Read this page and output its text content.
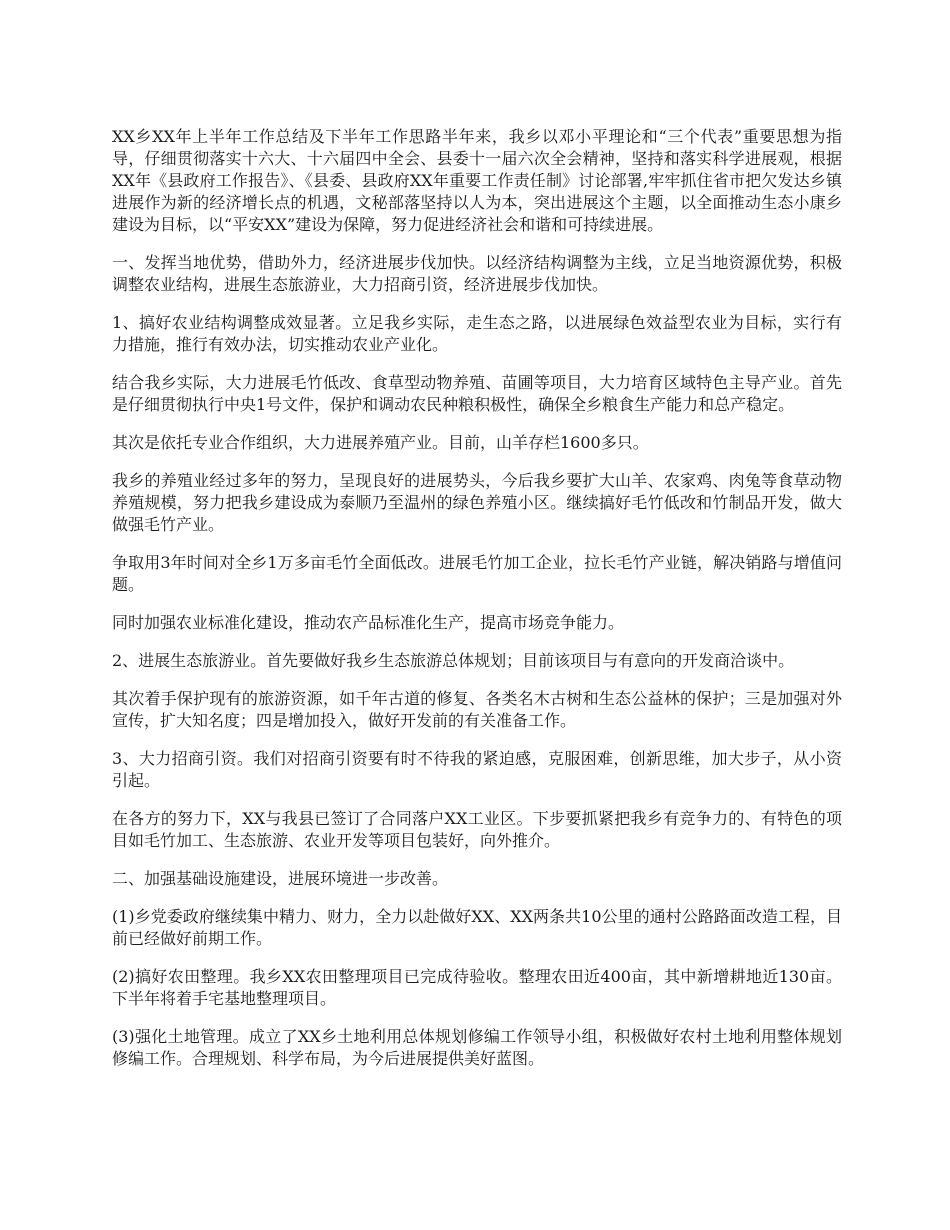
XX乡XX年上半年工作总结及下半年工作思路半年来，我乡以邓小平理论和“三个代表”重要思想为指导，仔细贯彻落实十六大、十六届四中全会、县委十一届六次全会精神，坚持和落实科学进展观，根据XX年《县政府工作报告》、《县委、县政府XX年重要工作责任制》讨论部署,牢牢抓住省市把欠发达乡镇进展作为新的经济增长点的机遇，文秘部落坚持以人为本，突出进展这个主题，以全面推动生态小康乡建设为目标，以“平安XX”建设为保障，努力促进经济社会和谐和可持续进展。

一、发挥当地优势，借助外力，经济进展步伐加快。以经济结构调整为主线，立足当地资源优势，积极调整农业结构，进展生态旅游业，大力招商引资，经济进展步伐加快。

1、搞好农业结构调整成效显著。立足我乡实际，走生态之路，以进展绿色效益型农业为目标，实行有力措施，推行有效办法，切实推动农业产业化。

结合我乡实际，大力进展毛竹低改、食草型动物养殖、苗圃等项目，大力培育区域特色主导产业。首先是仔细贯彻执行中央1号文件，保护和调动农民种粮积极性，确保全乡粮食生产能力和总产稳定。

其次是依托专业合作组织，大力进展养殖产业。目前，山羊存栏1600多只。

我乡的养殖业经过多年的努力，呈现良好的进展势头，今后我乡要扩大山羊、农家鸡、肉兔等食草动物养殖规模，努力把我乡建设成为泰顺乃至温州的绿色养殖小区。继续搞好毛竹低改和竹制品开发，做大做强毛竹产业。

争取用3年时间对全乡1万多亩毛竹全面低改。进展毛竹加工企业，拉长毛竹产业链，解决销路与增值问题。

同时加强农业标准化建设，推动农产品标准化生产，提高市场竞争能力。

2、进展生态旅游业。首先要做好我乡生态旅游总体规划；目前该项目与有意向的开发商洽谈中。

其次着手保护现有的旅游资源，如千年古道的修复、各类名木古树和生态公益林的保护；三是加强对外宣传，扩大知名度；四是增加投入，做好开发前的有关准备工作。

3、大力招商引资。我们对招商引资要有时不待我的紧迫感，克服困难，创新思维，加大步子，从小资引起。

在各方的努力下，XX与我县已签订了合同落户XX工业区。下步要抓紧把我乡有竞争力的、有特色的项目如毛竹加工、生态旅游、农业开发等项目包装好，向外推介。

二、加强基础设施建设，进展环境进一步改善。

(1)乡党委政府继续集中精力、财力，全力以赴做好XX、XX两条共10公里的通村公路路面改造工程，目前已经做好前期工作。

(2)搞好农田整理。我乡XX农田整理项目已完成待验收。整理农田近400亩，其中新增耕地近130亩。下半年将着手宅基地整理项目。

(3)强化土地管理。成立了XX乡土地利用总体规划修编工作领导小组，积极做好农村土地利用整体规划修编工作。合理规划、科学布局，为今后进展提供美好蓝图。
